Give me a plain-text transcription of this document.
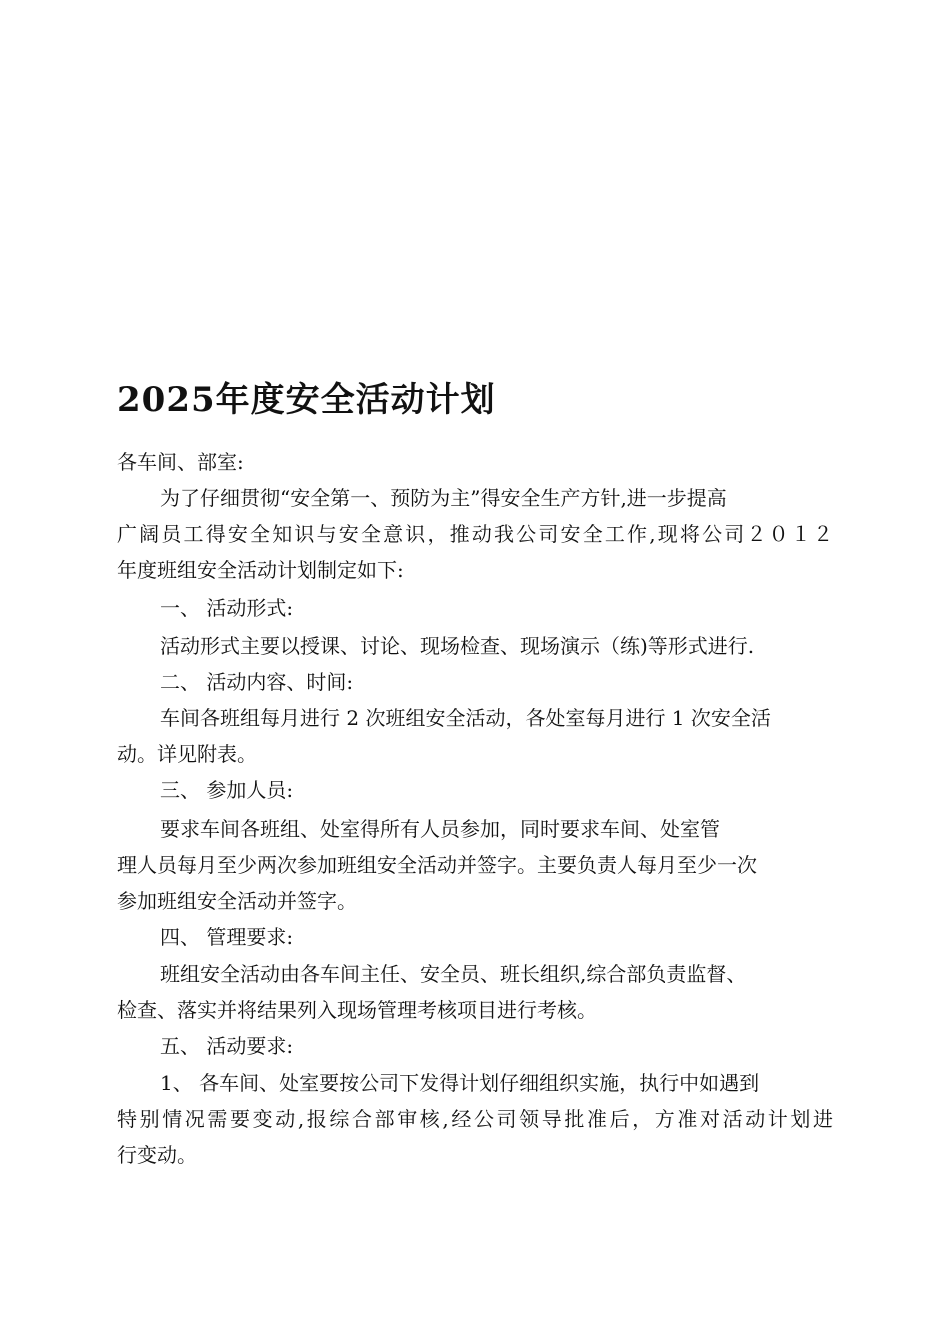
2025年度安全活动计划
各车间、部室:
为了仔细贯彻“安全第一、预防为主”得安全生产方针,进一步提高
广阔员工得安全知识与安全意识，推动我公司安全工作,现将公司２０１２
年度班组安全活动计划制定如下:
一、 活动形式:
活动形式主要以授课、讨论、现场检查、现场演示（练)等形式进行.
二、 活动内容、时间:
车间各班组每月进行 2 次班组安全活动，各处室每月进行 1 次安全活
动。详见附表。
三、 参加人员:
要求车间各班组、处室得所有人员参加，同时要求车间、处室管
理人员每月至少两次参加班组安全活动并签字。主要负责人每月至少一次
参加班组安全活动并签字。
四、 管理要求:
班组安全活动由各车间主任、安全员、班长组织,综合部负责监督、
检查、落实并将结果列入现场管理考核项目进行考核。
五、 活动要求:
1、 各车间、处室要按公司下发得计划仔细组织实施，执行中如遇到
特别情况需要变动,报综合部审核,经公司领导批准后，方准对活动计划进
行变动。
